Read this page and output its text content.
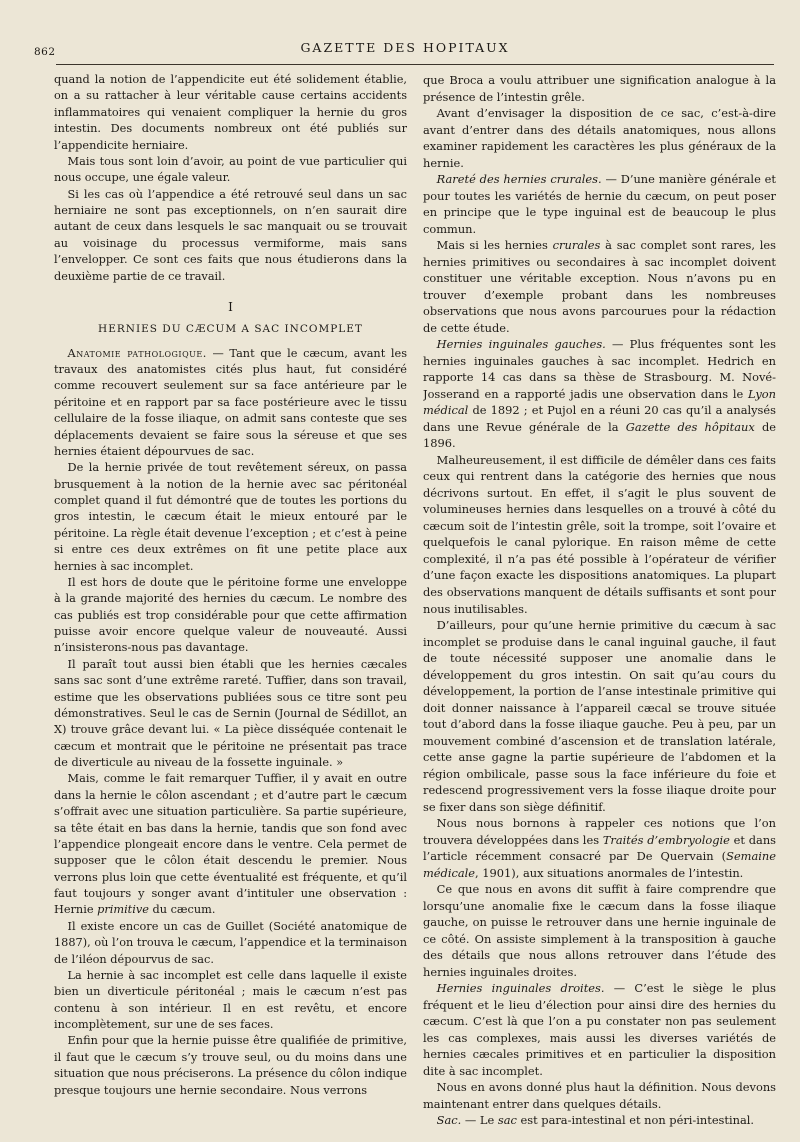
862	GAZETTE DES HOPITAUX

quand la notion de l’appendicite eut été solidement établie, on a su rattacher à leur véritable cause certains accidents inflammatoires qui venaient compliquer la hernie du gros intestin. Des documents nombreux ont été publiés sur l’appendicite herniaire.

Mais tous sont loin d’avoir, au point de vue particulier qui nous occupe, une égale valeur.

Si les cas où l’appendice a été retrouvé seul dans un sac herniaire ne sont pas exceptionnels, on n’en saurait dire autant de ceux dans lesquels le sac manquait ou se trouvait au voisinage du processus vermiforme, mais sans l’envelopper. Ce sont ces faits que nous étudierons dans la deuxième partie de ce travail.

I
HERNIES DU CÆCUM A SAC INCOMPLET

Anatomie pathologique. — Tant que le cæcum, avant les travaux des anatomistes cités plus haut, fut considéré comme recouvert seulement sur sa face antérieure par le péritoine et en rapport par sa face postérieure avec le tissu cellulaire de la fosse iliaque, on admit sans conteste que ses déplacements devaient se faire sous la séreuse et que ses hernies étaient dépourvues de sac.

De la hernie privée de tout revêtement séreux, on passa brusquement à la notion de la hernie avec sac péritonéal complet quand il fut démontré que de toutes les portions du gros intestin, le cæcum était le mieux entouré par le péritoine. La règle était devenue l’exception ; et c’est à peine si entre ces deux extrêmes on fit une petite place aux hernies à sac incomplet.

Il est hors de doute que le péritoine forme une enveloppe à la grande majorité des hernies du cæcum. Le nombre des cas publiés est trop considérable pour que cette affirmation puisse avoir encore quelque valeur de nouveauté. Aussi n’insisterons-nous pas davantage.

Il paraît tout aussi bien établi que les hernies cæcales sans sac sont d’une extrême rareté. Tuffier, dans son travail, estime que les observations publiées sous ce titre sont peu démonstratives. Seul le cas de Sernin (Journal de Sédillot, an X) trouve grâce devant lui. « La pièce disséquée contenait le cæcum et montrait que le péritoine ne présentait pas trace de diverticule au niveau de la fossette inguinale. »

Mais, comme le fait remarquer Tuffier, il y avait en outre dans la hernie le côlon ascendant ; et d’autre part le cæcum s’offrait avec une situation particulière. Sa partie supérieure, sa tête était en bas dans la hernie, tandis que son fond avec l’appendice plongeait encore dans le ventre. Cela permet de supposer que le côlon était descendu le premier. Nous verrons plus loin que cette éventualité est fréquente, et qu’il faut toujours y songer avant d’intituler une observation : Hernie primitive du cæcum.

Il existe encore un cas de Guillet (Société anatomique de 1887), où l’on trouva le cæcum, l’appendice et la terminaison de l’iléon dépourvus de sac.

La hernie à sac incomplet est celle dans laquelle il existe bien un diverticule péritonéal ; mais le cæcum n’est pas contenu à son intérieur. Il en est revêtu, et encore incomplètement, sur une de ses faces.

Enfin pour que la hernie puisse être qualifiée de primitive, il faut que le cæcum s’y trouve seul, ou du moins dans une situation que nous préciserons. La présence du côlon indique presque toujours une hernie secondaire. Nous verrons

que Broca a voulu attribuer une signification analogue à la présence de l’intestin grêle.

Avant d’envisager la disposition de ce sac, c’est-à-dire avant d’entrer dans des détails anatomiques, nous allons examiner rapidement les caractères les plus généraux de la hernie.

Rareté des hernies crurales. — D’une manière générale et pour toutes les variétés de hernie du cæcum, on peut poser en principe que le type inguinal est de beaucoup le plus commun.

Mais si les hernies crurales à sac complet sont rares, les hernies primitives ou secondaires à sac incomplet doivent constituer une véritable exception. Nous n’avons pu en trouver d’exemple probant dans les nombreuses observations que nous avons parcourues pour la rédaction de cette étude.

Hernies inguinales gauches. — Plus fréquentes sont les hernies inguinales gauches à sac incomplet. Hedrich en rapporte 14 cas dans sa thèse de Strasbourg. M. Nové-Josserand en a rapporté jadis une observation dans le Lyon médical de 1892 ; et Pujol en a réuni 20 cas qu’il a analysés dans une Revue générale de la Gazette des hôpitaux de 1896.

Malheureusement, il est difficile de démêler dans ces faits ceux qui rentrent dans la catégorie des hernies que nous décrivons surtout. En effet, il s’agit le plus souvent de volumineuses hernies dans lesquelles on a trouvé à côté du cæcum soit de l’intestin grêle, soit la trompe, soit l’ovaire et quelquefois le canal pylorique. En raison même de cette complexité, il n’a pas été possible à l’opérateur de vérifier d’une façon exacte les dispositions anatomiques. La plupart des observations manquent de détails suffisants et sont pour nous inutilisables.

D’ailleurs, pour qu’une hernie primitive du cæcum à sac incomplet se produise dans le canal inguinal gauche, il faut de toute nécessité supposer une anomalie dans le développement du gros intestin. On sait qu’au cours du développement, la portion de l’anse intestinale primitive qui doit donner naissance à l’appareil cæcal se trouve située tout d’abord dans la fosse iliaque gauche. Peu à peu, par un mouvement combiné d’ascension et de translation latérale, cette anse gagne la partie supérieure de l’abdomen et la région ombilicale, passe sous la face inférieure du foie et redescend progressivement vers la fosse iliaque droite pour se fixer dans son siège définitif.

Nous nous bornons à rappeler ces notions que l’on trouvera développées dans les Traités d’embryologie et dans l’article récemment consacré par De Quervain (Semaine médicale, 1901), aux situations anormales de l’intestin.

Ce que nous en avons dit suffit à faire comprendre que lorsqu’une anomalie fixe le cæcum dans la fosse iliaque gauche, on puisse le retrouver dans une hernie inguinale de ce côté. On assiste simplement à la transposition à gauche des détails que nous allons retrouver dans l’étude des hernies inguinales droites.

Hernies inguinales droites. — C’est le siège le plus fréquent et le lieu d’élection pour ainsi dire des hernies du cæcum. C’est là que l’on a pu constater non pas seulement les cas complexes, mais aussi les diverses variétés de hernies cæcales primitives et en particulier la disposition dite à sac incomplet.

Nous en avons donné plus haut la définition. Nous devons maintenant entrer dans quelques détails.

Sac. — Le sac est para-intestinal et non péri-intestinal.
